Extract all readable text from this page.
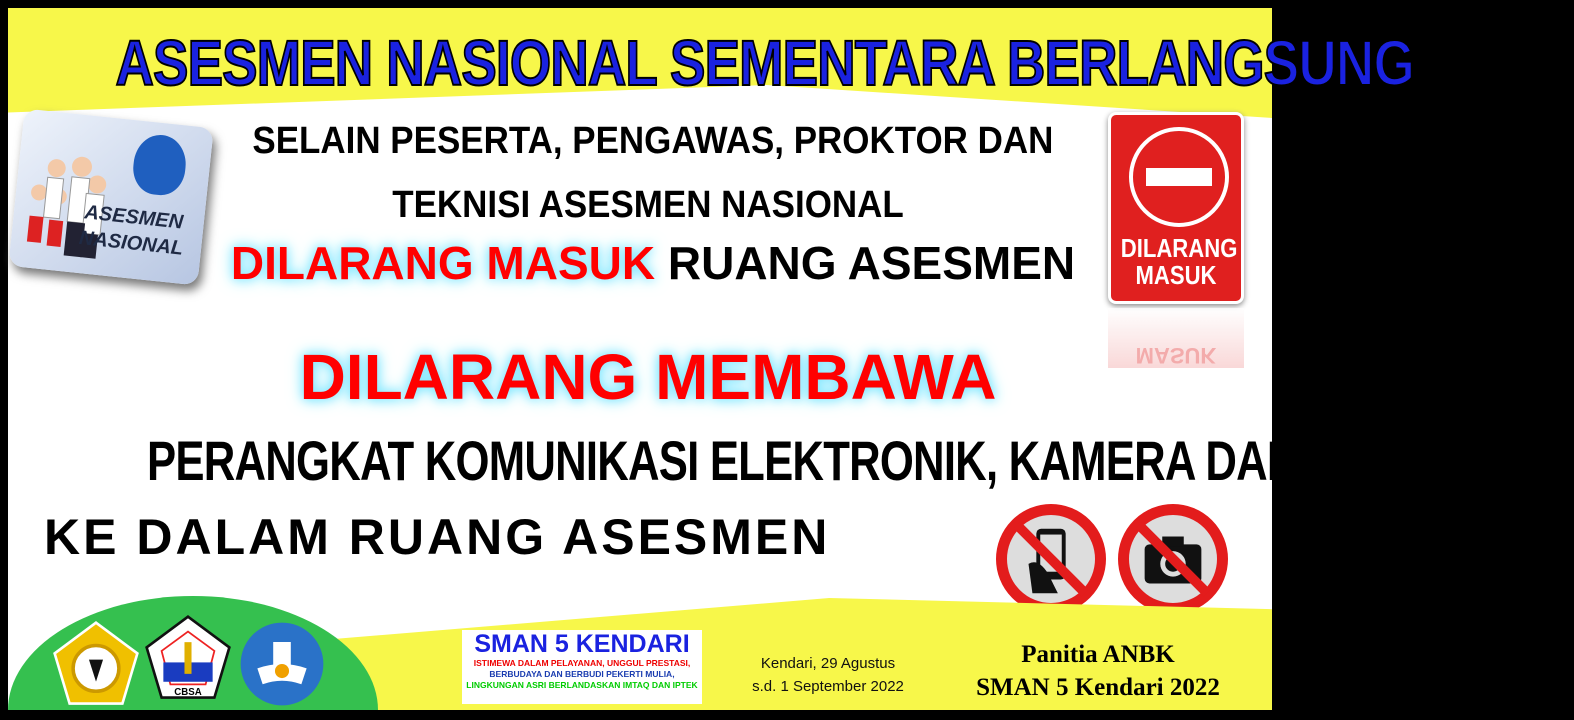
ASESMEN NASIONAL SEMENTARA BERLANGSUNG
ASESMEN
NASIONAL
SELAIN PESERTA, PENGAWAS, PROKTOR DAN
TEKNISI ASESMEN NASIONAL
DILARANG MASUK RUANG ASESMEN	DILARANG
MASUK
MASUK
DILARANG MEMBAWA
PERANGKAT KOMUNIKASI ELEKTRONIK, KAMERA DAN SEJENISNYA
KE DALAM RUANG ASESMEN
CBSA
SMAN 5 KENDARI
ISTIMEWA DALAM PELAYANAN, UNGGUL PRESTASI,
BERBUDAYA DAN BERBUDI PEKERTI MULIA,
LINGKUNGAN ASRI BERLANDASKAN IMTAQ DAN IPTEK
Kendari, 29 Agustus
s.d. 1 September 2022
Panitia ANBK
SMAN 5 Kendari 2022
